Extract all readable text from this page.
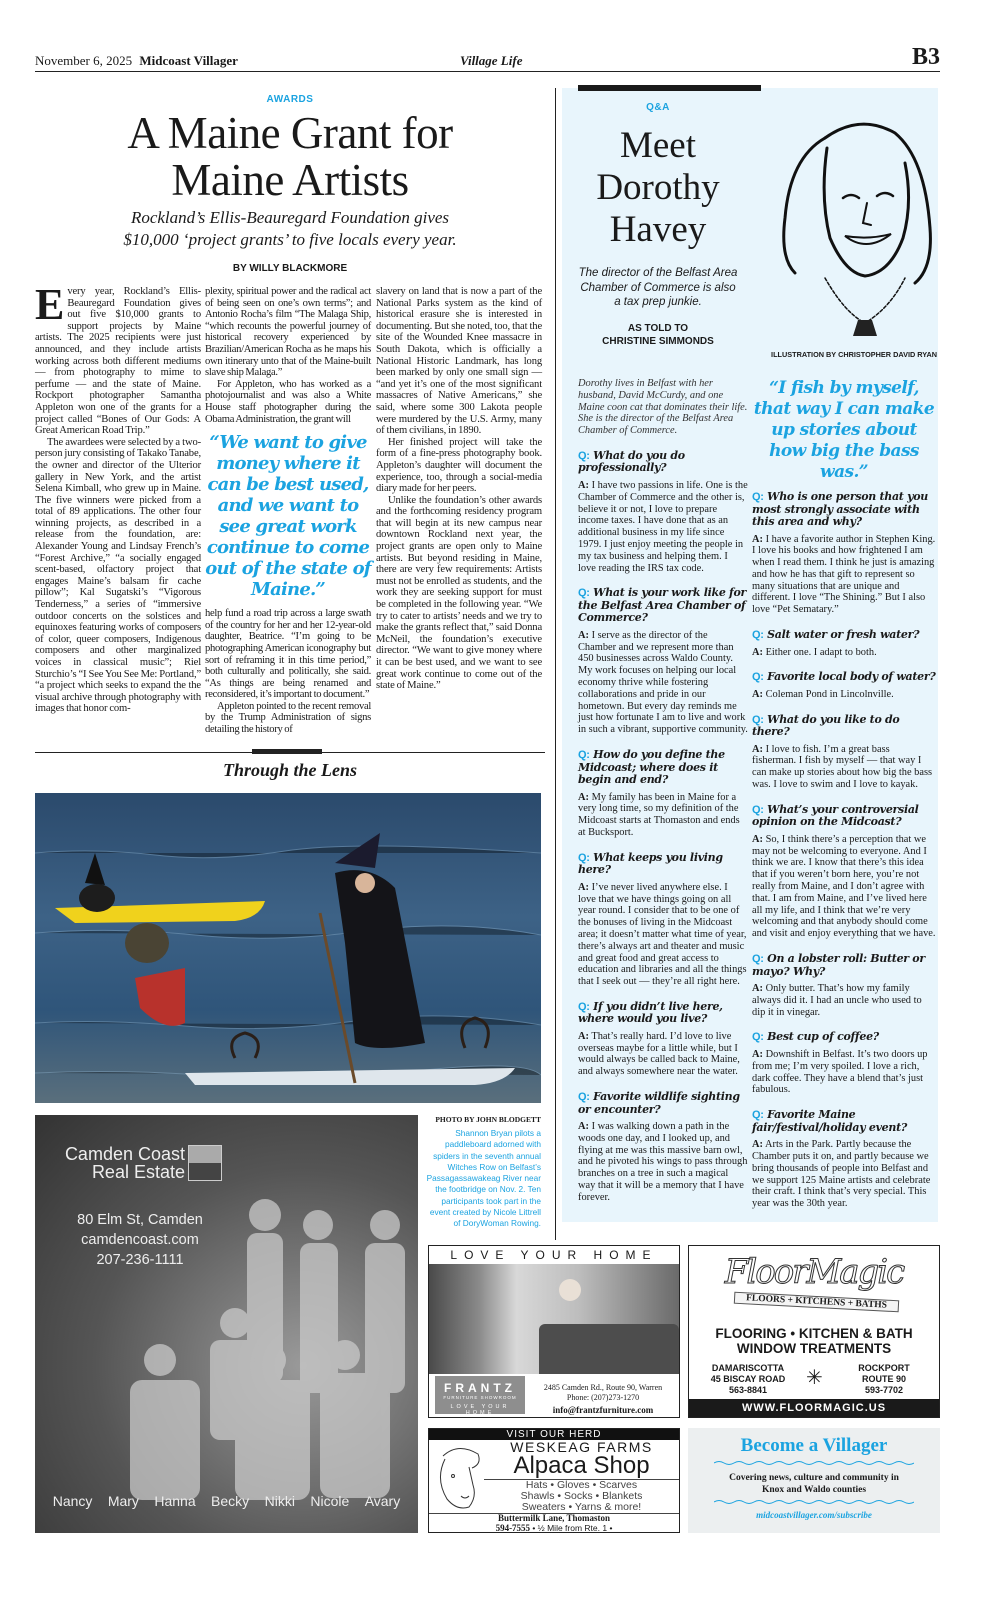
November 6, 2025 Midcoast Villager	Village Life	B3
AWARDS
A Maine Grant for
Maine Artists
Rockland’s Ellis-Beauregard Foundation gives
$10,000 ‘project grants’ to five locals every year.
BY WILLY BLACKMORE

Every year, Rockland’s Ellis-Beauregard Foundation gives out five $10,000 grants to support projects by Maine artists. The 2025 recipients were just announced, and they include artists working across both different mediums — from photography to mime to perfume — and the state of Maine. Rockport photographer Samantha Appleton won one of the grants for a project called “Bones of Our Gods: A Great American Road Trip.”

The awardees were selected by a two-person jury consisting of Takako Tanabe, the owner and director of the Ulterior gallery in New York, and the artist Selena Kimball, who grew up in Maine. The five winners were picked from a total of 89 applications. The other four winning projects, as described in a release from the foundation, are: Alexander Young and Lindsay French’s “Forest Archive,” “a socially engaged scent-based, olfactory project that engages Maine’s balsam fir cache pillow”; Kal Sugatski’s “Vigorous Tenderness,” a series of “immersive outdoor concerts on the solstices and equinoxes featuring works of composers of color, queer composers, Indigenous composers and other marginalized voices in classical music”; Riel Sturchio’s “I See You See Me: Portland,” “a project which seeks to expand the the visual archive through photography with images that honor com-

plexity, spiritual power and the radical act of being seen on one’s own terms”; and Antonio Rocha’s film “The Malaga Ship, “which recounts the powerful journey of historical recovery experienced by Brazilian/American Rocha as he maps his own itinerary unto that of the Maine-built slave ship Malaga.”

For Appleton, who has worked as a photojournalist and was also a White House staff photographer during the Obama Administration, the grant will

“We want to give money where it can be best used, and we want to see great work continue to come out of the state of Maine.”

help fund a road trip across a large swath of the country for her and her 12-year-old daughter, Beatrice. “I’m going to be photographing American iconography but sort of reframing it in this time period,” both culturally and politically, she said. “As things are being renamed and reconsidered, it’s important to document.”

Appleton pointed to the recent removal by the Trump Administration of signs detailing the history of

slavery on land that is now a part of the National Parks system as the kind of historical erasure she is interested in documenting. But she noted, too, that the site of the Wounded Knee massacre in South Dakota, which is officially a National Historic Landmark, has long been marked by only one small sign — “and yet it’s one of the most significant massacres of Native Americans,” she said, where some 300 Lakota people were murdered by the U.S. Army, many of them civilians, in 1890.

Her finished project will take the form of a fine-press photography book. Appleton’s daughter will document the experience, too, through a social-media diary made for her peers.

Unlike the foundation’s other awards and the forthcoming residency program that will begin at its new campus near downtown Rockland next year, the project grants are open only to Maine artists. But beyond residing in Maine, there are very few requirements: Artists must not be enrolled as students, and the work they are seeking support for must be completed in the following year. “We try to cater to artists’ needs and we try to make the grants reflect that,” said Donna McNeil, the foundation’s executive director. “We want to give money where it can be best used, and we want to see great work continue to come out of the state of Maine.”

Through the Lens
PHOTO BY JOHN BLODGETT
Shannon Bryan pilots a paddleboard adorned with spiders in the seventh annual Witches Row on Belfast’s Passagassawakeag River near the footbridge on Nov. 2. Ten participants took part in the event created by Nicole Littrell of DoryWoman Rowing.
Camden Coast
Real Estate
80 Elm St, Camden
camdencoast.com
207-236-1111
Nancy Mary Hanna Becky Nikki Nicole Avary
Q&A
Meet
Dorothy
Havey
The director of the Belfast Area Chamber of Commerce is also a tax prep junkie.
AS TOLD TO
CHRISTINE SIMMONDS
ILLUSTRATION BY CHRISTOPHER DAVID RYAN
Dorothy lives in Belfast with her husband, David McCurdy, and one Maine coon cat that dominates their life. She is the director of the Belfast Area Chamber of Commerce.
Q: What do you do professionally?
A: I have two passions in life. One is the Chamber of Commerce and the other is, believe it or not, I love to prepare income taxes. I have done that as an additional business in my life since 1979. I just enjoy meeting the people in my tax business and helping them. I love reading the IRS tax code.
Q: What is your work like for the Belfast Area Chamber of Commerce?
A: I serve as the director of the Chamber and we represent more than 450 businesses across Waldo County. My work focuses on helping our local economy thrive while fostering collaborations and pride in our hometown. But every day reminds me just how fortunate I am to live and work in such a vibrant, supportive community.
Q: How do you define the Midcoast; where does it begin and end?
A: My family has been in Maine for a very long time, so my definition of the Midcoast starts at Thomaston and ends at Bucksport.
Q: What keeps you living here?
A: I’ve never lived anywhere else. I love that we have things going on all year round. I consider that to be one of the bonuses of living in the Midcoast area; it doesn’t matter what time of year, there’s always art and theater and music and great food and great access to education and libraries and all the things that I seek out — they’re all right here.
Q: If you didn’t live here, where would you live?
A: That’s really hard. I’d love to live overseas maybe for a little while, but I would always be called back to Maine, and always somewhere near the water.
Q: Favorite wildlife sighting or encounter?
A: I was walking down a path in the woods one day, and I looked up, and flying at me was this massive barn owl, and he pivoted his wings to pass through branches on a tree in such a magical way that it will be a memory that I have forever.
“I fish by myself, that way I can make up stories about how big the bass was.”
Q: Who is one person that you most strongly associate with this area and why?
A: I have a favorite author in Stephen King. I love his books and how frightened I am when I read them. I think he just is amazing and how he has that gift to represent so many situations that are unique and different. I love “The Shining.” But I also love “Pet Sematary.”
Q: Salt water or fresh water?
A: Either one. I adapt to both.
Q: Favorite local body of water?
A: Coleman Pond in Lincolnville.
Q: What do you like to do there?
A: I love to fish. I’m a great bass fisherman. I fish by myself — that way I can make up stories about how big the bass was. I love to swim and I love to kayak.
Q: What’s your controversial opinion on the Midcoast?
A: So, I think there’s a perception that we may not be welcoming to everyone. And I think we are. I know that there’s this idea that if you weren’t born here, you’re not really from Maine, and I don’t agree with that. I am from Maine, and I’ve lived here all my life, and I think that we’re very welcoming and that anybody should come and visit and enjoy everything that we have.
Q: On a lobster roll: Butter or mayo? Why?
A: Only butter. That’s how my family always did it. I had an uncle who used to dip it in vinegar.
Q: Best cup of coffee?
A: Downshift in Belfast. It’s two doors up from me; I’m very spoiled. I love a rich, dark coffee. They have a blend that’s just fabulous.
Q: Favorite Maine fair/festival/holiday event?
A: Arts in the Park. Partly because the Chamber puts it on, and partly because we bring thousands of people into Belfast and we support 125 Maine artists and celebrate their craft. I think that’s very special. This year was the 30th year.
LOVE YOUR HOME
FRANTZ
FURNITURE SHOWROOM
LOVE YOUR HOME
2485 Camden Rd., Route 90, Warren
Phone: (207)273-1270
info@frantzfurniture.com
VISIT OUR HERD
WESKEAG FARMS
Alpaca Shop
Hats • Gloves • Scarves
Shawls • Socks • Blankets
Sweaters • Yarns & more!
Buttermilk Lane, Thomaston
594-7555 • ½ Mile from Rte. 1 •
FloorMagic
FLOORS + KITCHENS + BATHS
FLOORING • KITCHEN & BATH
WINDOW TREATMENTS
DAMARISCOTTA
45 BISCAY ROAD
563-8841
✳	ROCKPORT
ROUTE 90
593-7702
WWW.FLOORMAGIC.US
Become a Villager
Covering news, culture and community in Knox and Waldo counties
midcoastvillager.com/subscribe
